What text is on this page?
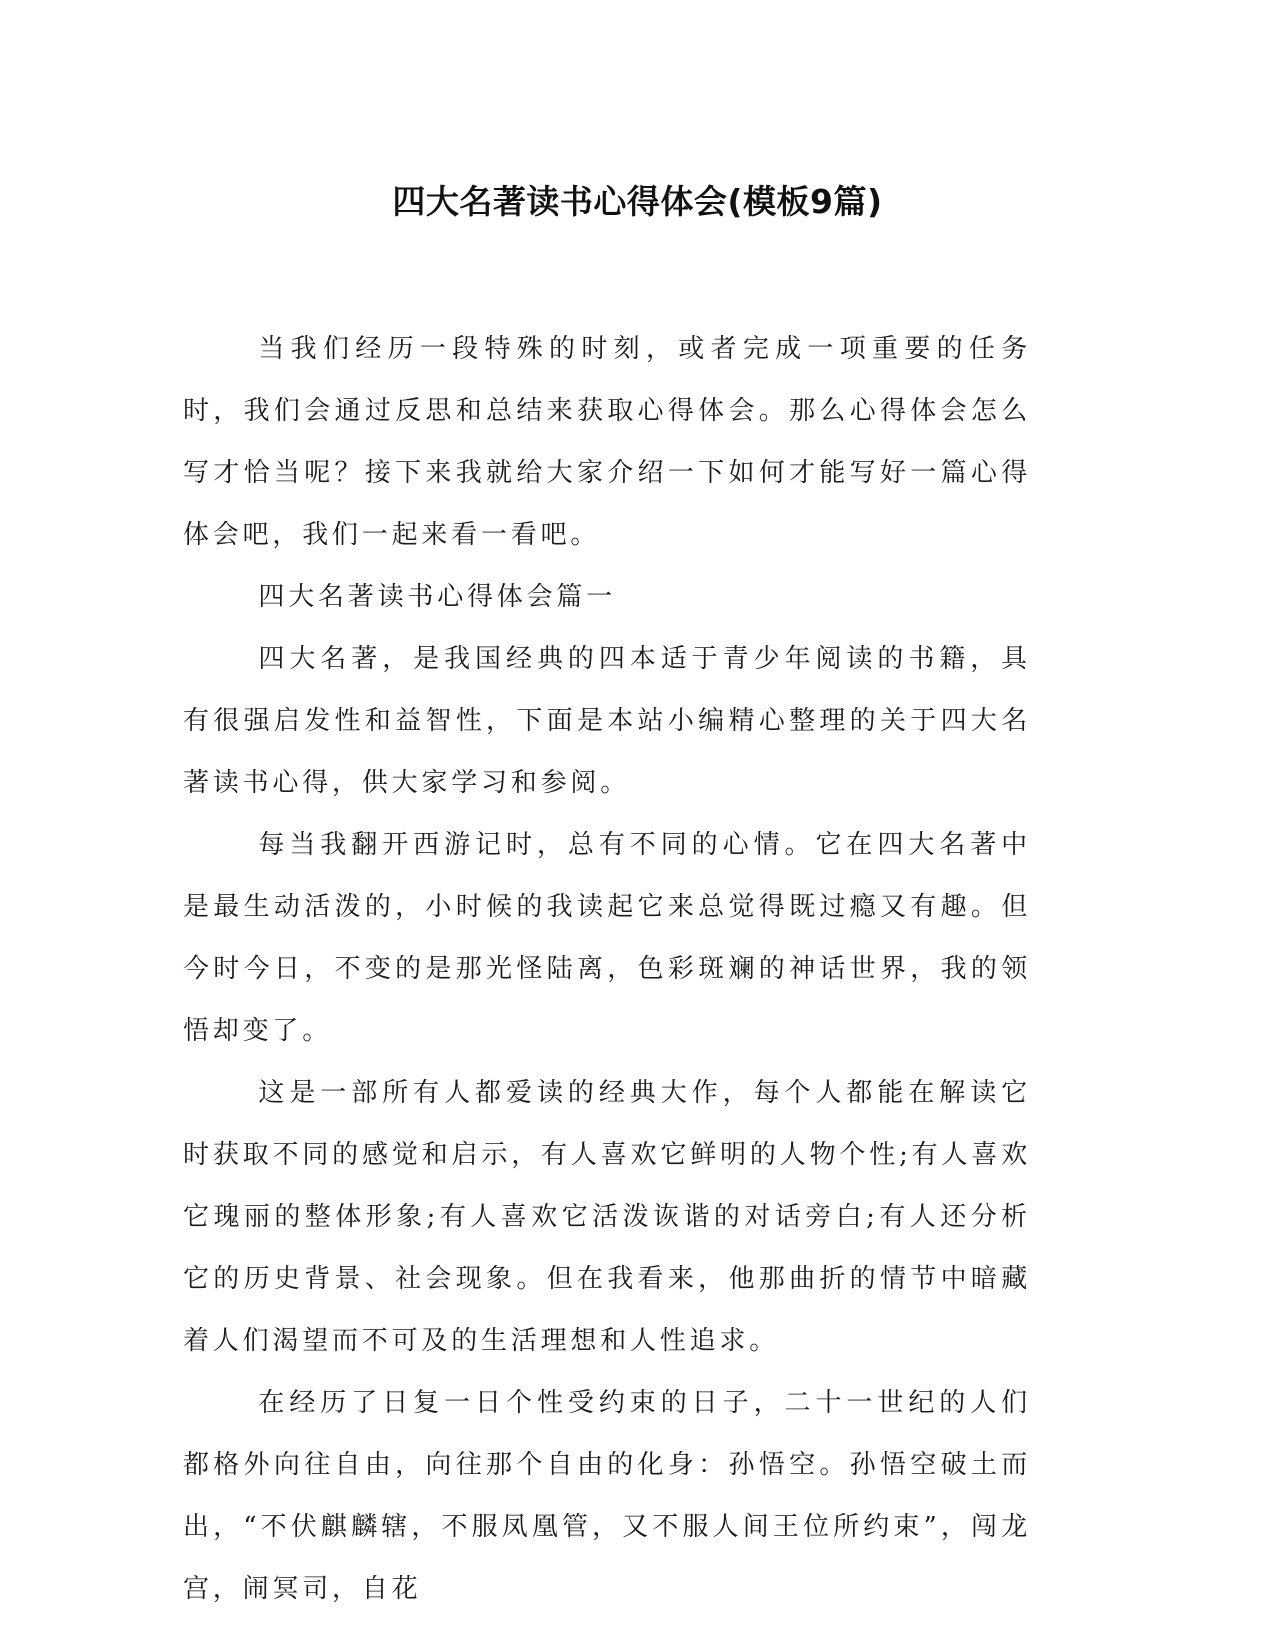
四大名著读书心得体会(模板9篇)

当我们经历一段特殊的时刻，或者完成一项重要的任务时，我们会通过反思和总结来获取心得体会。那么心得体会怎么写才恰当呢？接下来我就给大家介绍一下如何才能写好一篇心得体会吧，我们一起来看一看吧。

四大名著读书心得体会篇一

四大名著，是我国经典的四本适于青少年阅读的书籍，具有很强启发性和益智性，下面是本站小编精心整理的关于四大名著读书心得，供大家学习和参阅。

每当我翻开西游记时，总有不同的心情。它在四大名著中是最生动活泼的，小时候的我读起它来总觉得既过瘾又有趣。但今时今日，不变的是那光怪陆离，色彩斑斓的神话世界，我的领悟却变了。

这是一部所有人都爱读的经典大作，每个人都能在解读它时获取不同的感觉和启示，有人喜欢它鲜明的人物个性;有人喜欢它瑰丽的整体形象;有人喜欢它活泼诙谐的对话旁白;有人还分析它的历史背景、社会现象。但在我看来，他那曲折的情节中暗藏着人们渴望而不可及的生活理想和人性追求。

在经历了日复一日个性受约束的日子，二十一世纪的人们都格外向往自由，向往那个自由的化身：孙悟空。孙悟空破土而出，“不伏麒麟辖，不服凤凰管，又不服人间王位所约束”，闯龙宫，闹冥司，自花
